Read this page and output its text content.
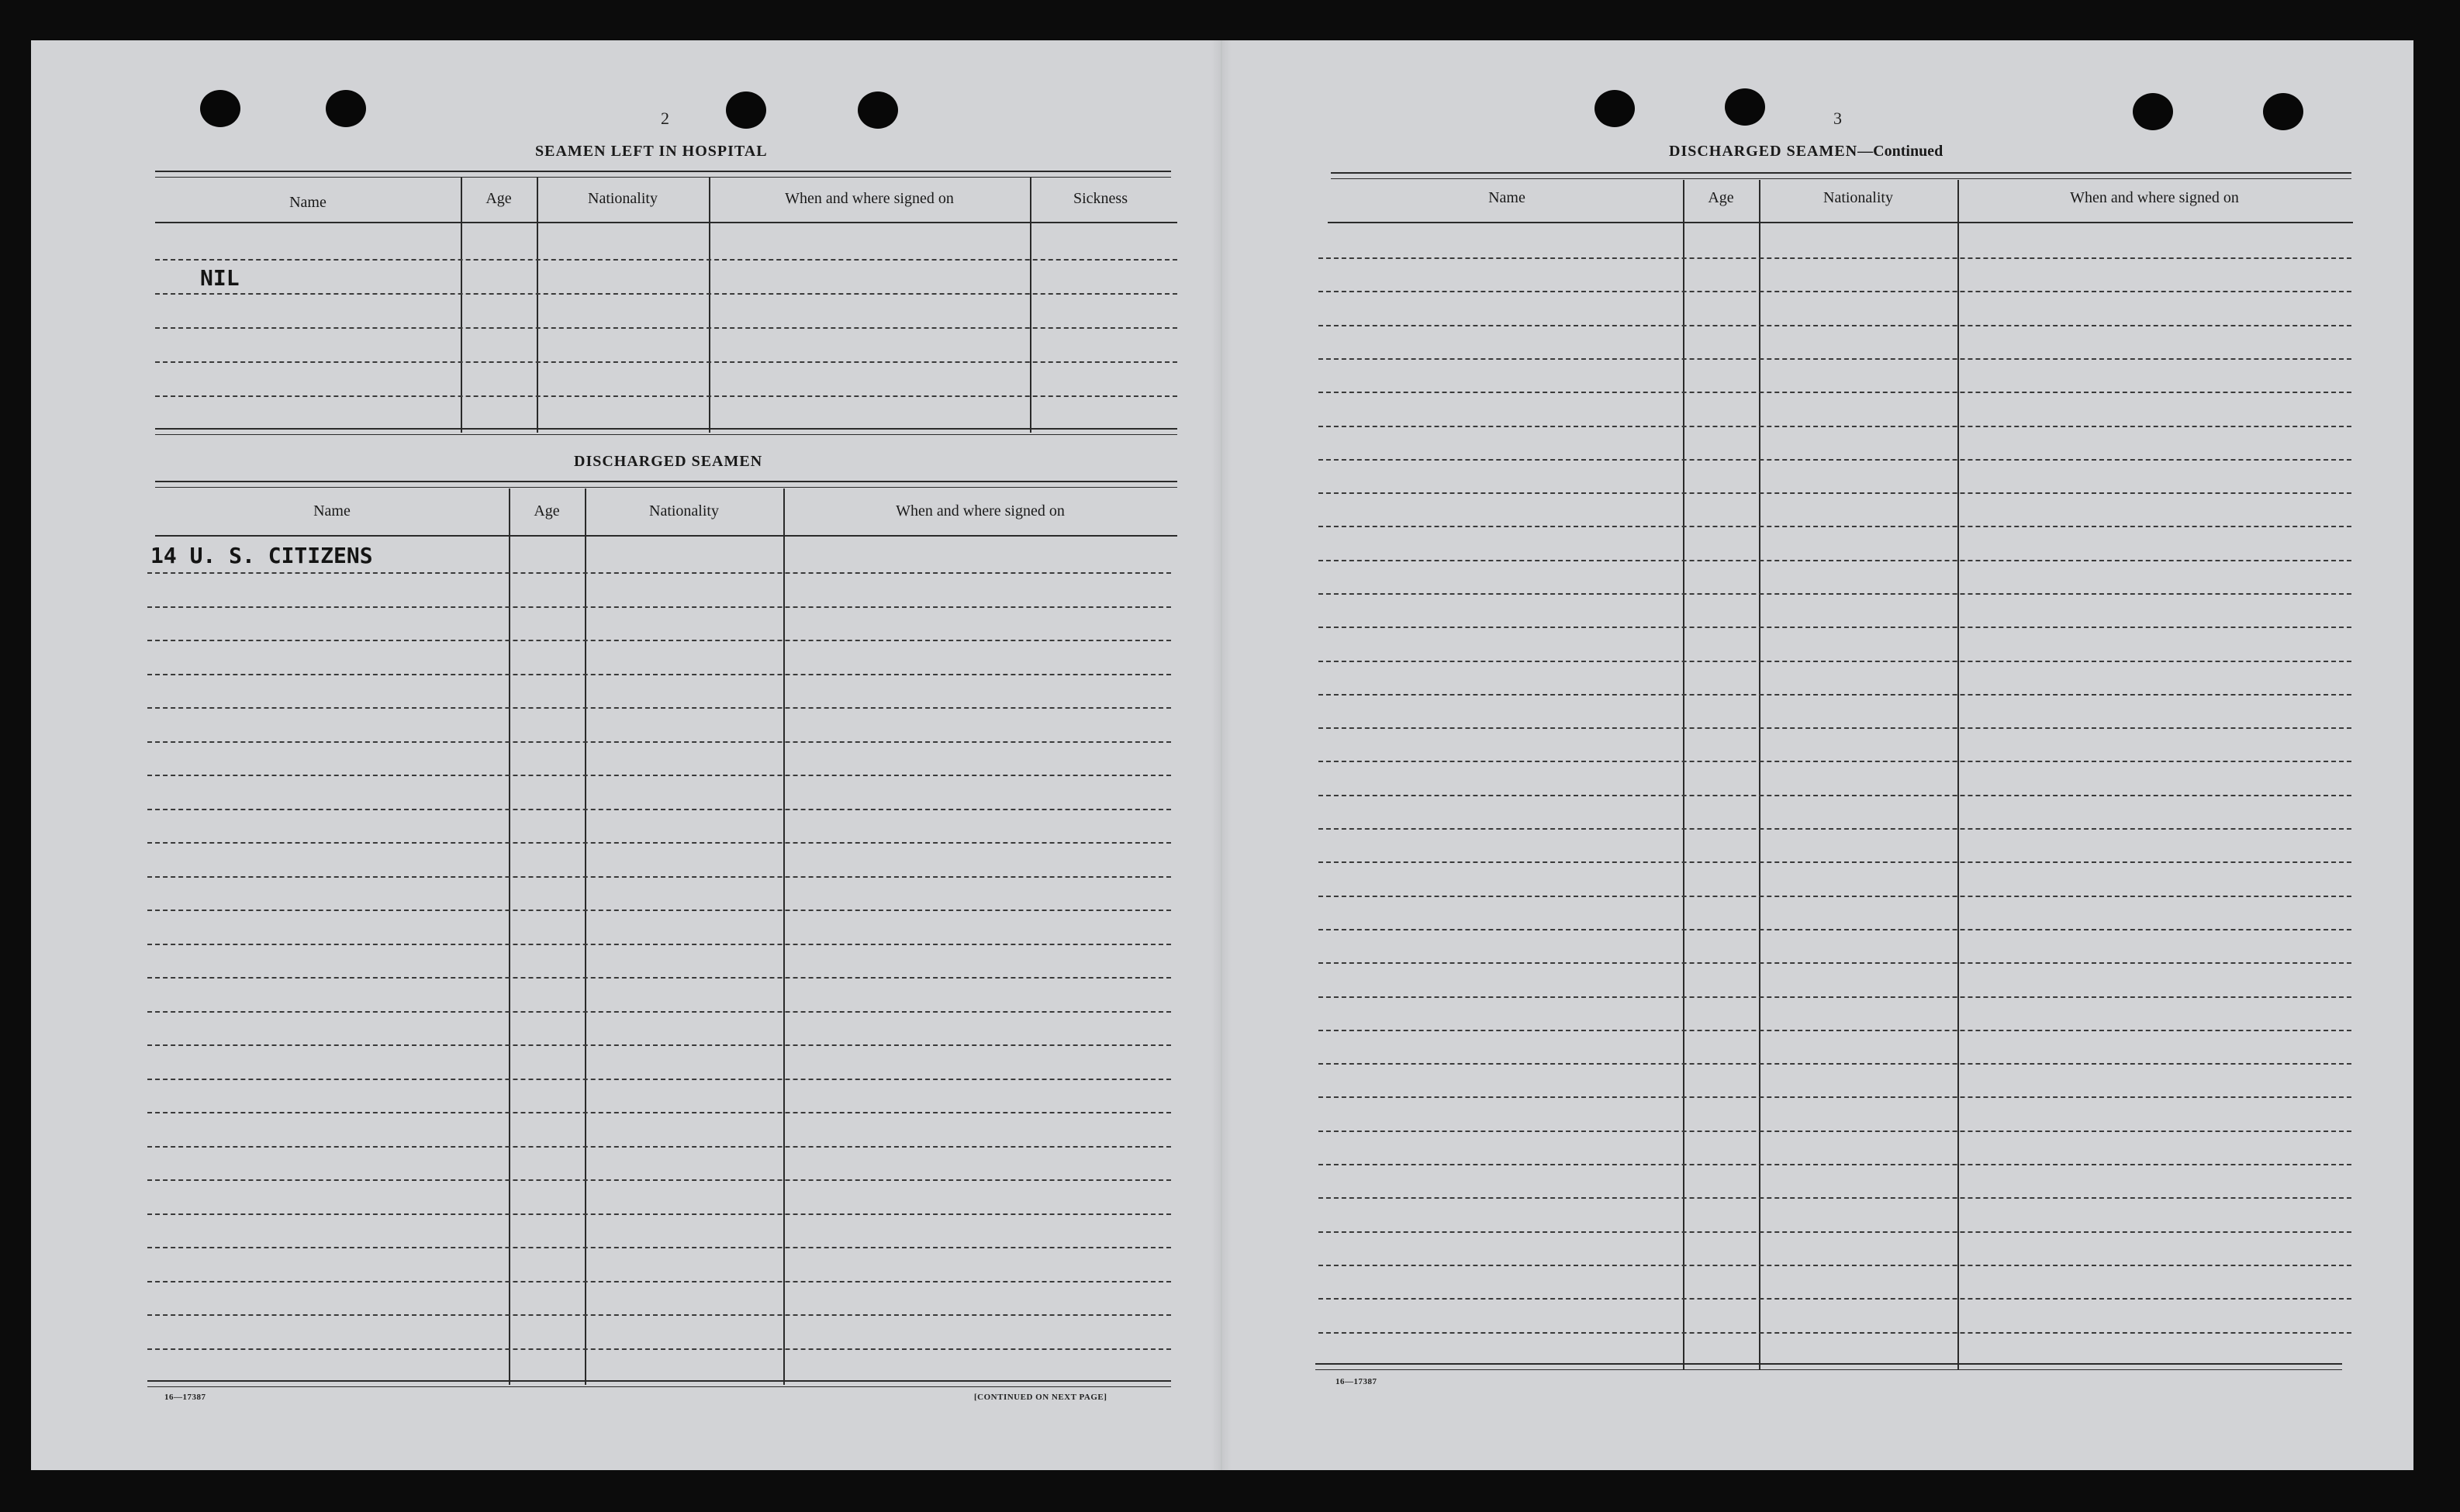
2
SEAMEN LEFT IN HOSPITAL
Name	Age	Nationality	When and where signed on	Sickness
NIL
DISCHARGED SEAMEN
Name	Age	Nationality	When and where signed on
14 U. S. CITIZENS
16—17387	[CONTINUED ON NEXT PAGE]
3
DISCHARGED SEAMEN—Continued
Name	Age	Nationality	When and where signed on
16—17387
